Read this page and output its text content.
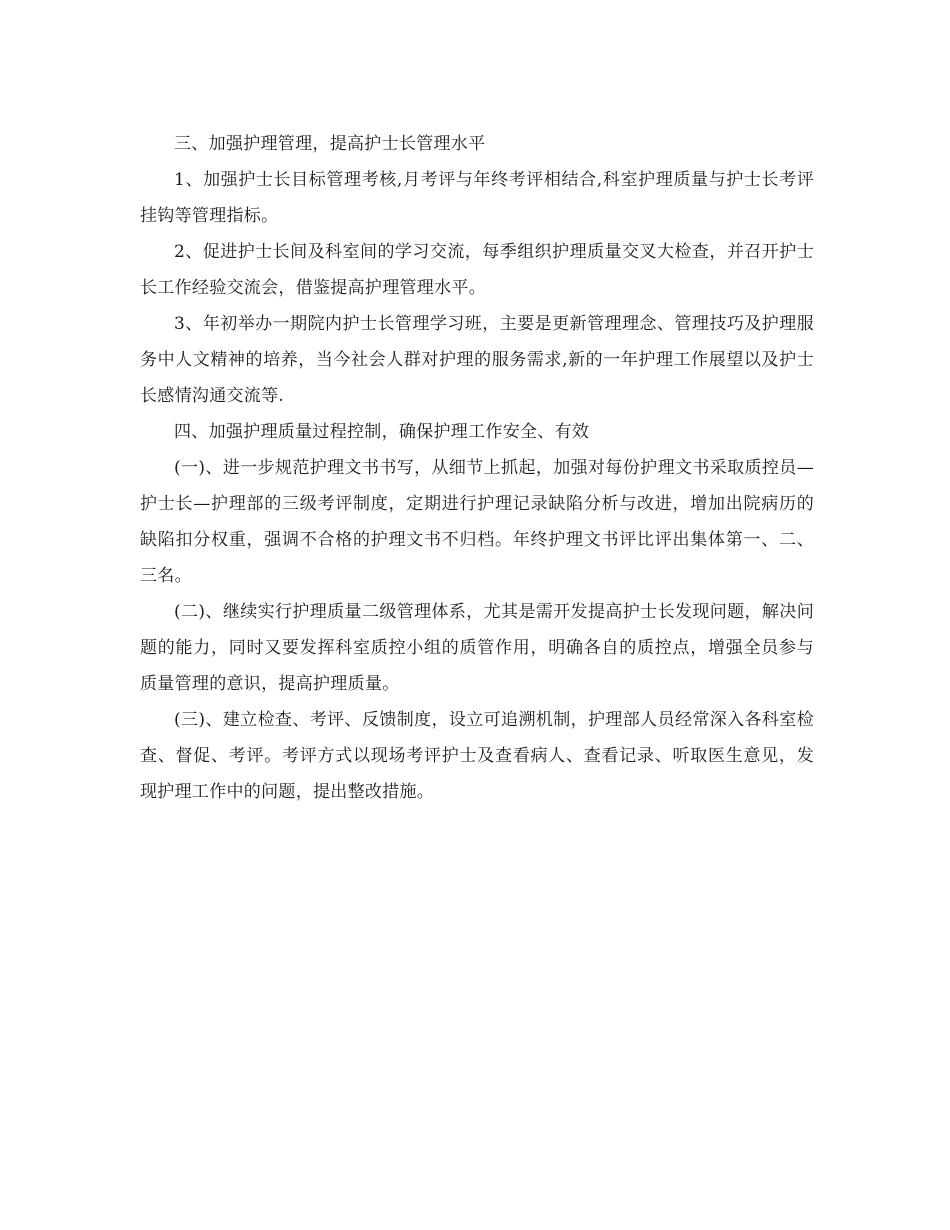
三、加强护理管理，提高护士长管理水平

1、加强护士长目标管理考核,月考评与年终考评相结合,科室护理质量与护士长考评挂钩等管理指标。

2、促进护士长间及科室间的学习交流，每季组织护理质量交叉大检查，并召开护士长工作经验交流会，借鉴提高护理管理水平。

3、年初举办一期院内护士长管理学习班，主要是更新管理理念、管理技巧及护理服务中人文精神的培养，当今社会人群对护理的服务需求,新的一年护理工作展望以及护士长感情沟通交流等.

四、加强护理质量过程控制，确保护理工作安全、有效

(一)、进一步规范护理文书书写，从细节上抓起，加强对每份护理文书采取质控员—护士长—护理部的三级考评制度，定期进行护理记录缺陷分析与改进，增加出院病历的缺陷扣分权重，强调不合格的护理文书不归档。年终护理文书评比评出集体第一、二、三名。

(二)、继续实行护理质量二级管理体系，尤其是需开发提高护士长发现问题，解决问题的能力，同时又要发挥科室质控小组的质管作用，明确各自的质控点，增强全员参与质量管理的意识，提高护理质量。

(三)、建立检查、考评、反馈制度，设立可追溯机制，护理部人员经常深入各科室检查、督促、考评。考评方式以现场考评护士及查看病人、查看记录、听取医生意见，发现护理工作中的问题，提出整改措施。
